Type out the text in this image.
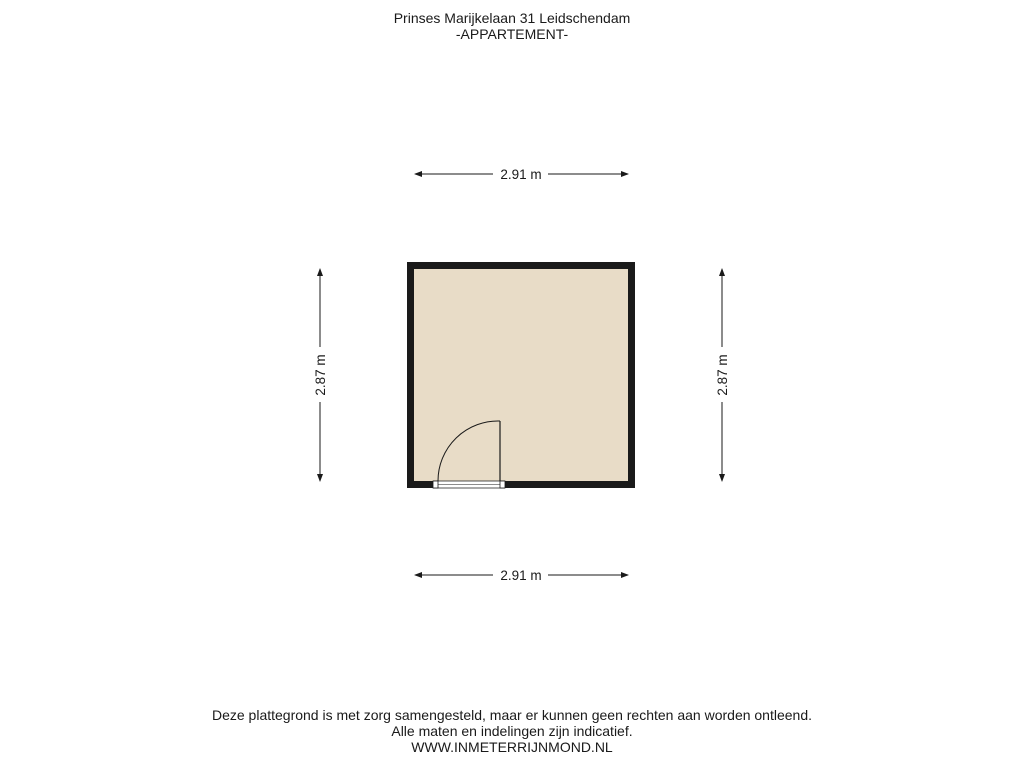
Prinses Marijkelaan 31 Leidschendam
-APPARTEMENT-
2.91 m
2.91 m
2.87 m	2.87 m
Deze plattegrond is met zorg samengesteld, maar er kunnen geen rechten aan worden ontleend.
Alle maten en indelingen zijn indicatief.
WWW.INMETERRIJNMOND.NL
